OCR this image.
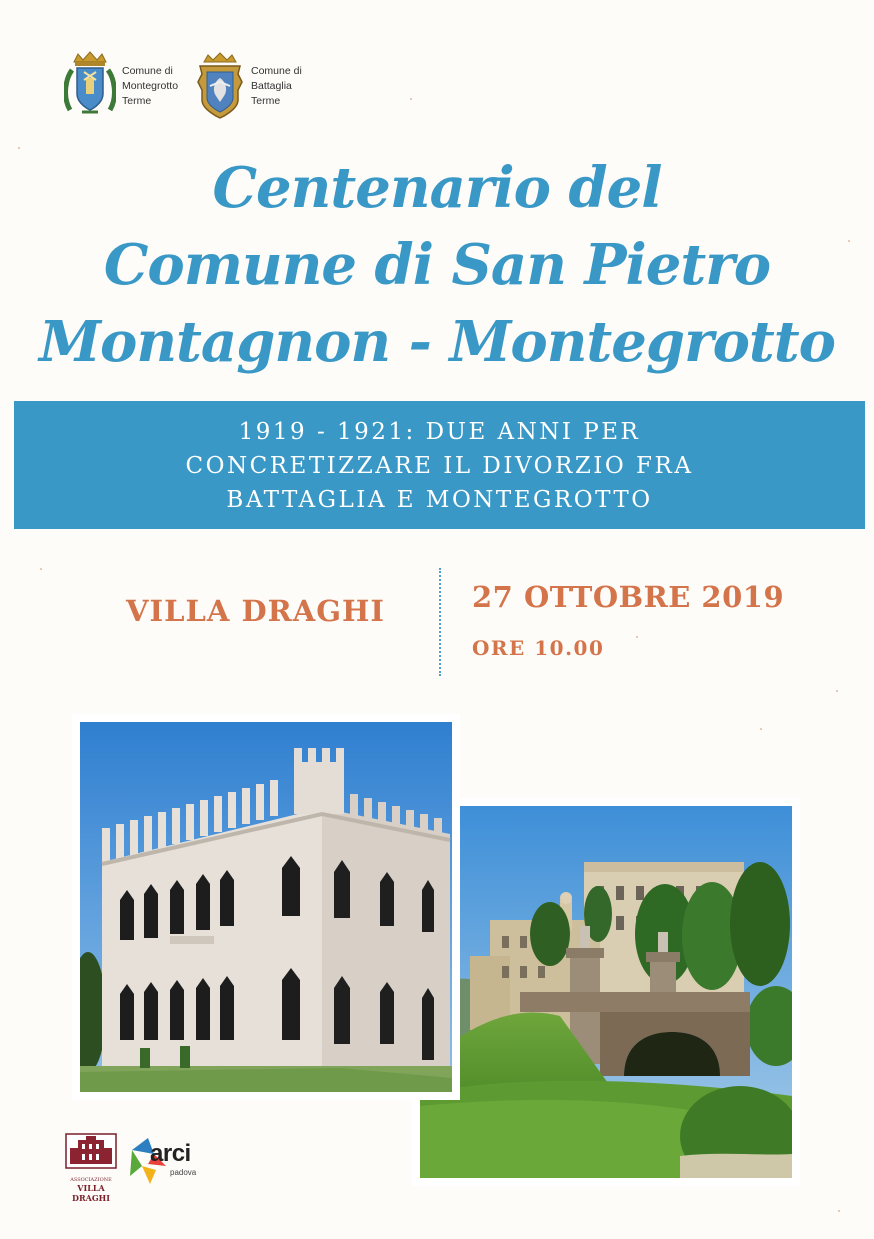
Comune di
Montegrotto
Terme
Comune di
Battaglia
Terme
Centenario del
Comune di San Pietro
Montagnon - Montegrotto
1919 - 1921: DUE ANNI PER
CONCRETIZZARE IL DIVORZIO FRA
BATTAGLIA E MONTEGROTTO
VILLA DRAGHI	27 OTTOBRE 2019
ORE 10.00
ASSOCIAZIONE
VILLA DRAGHI
arci
padova
